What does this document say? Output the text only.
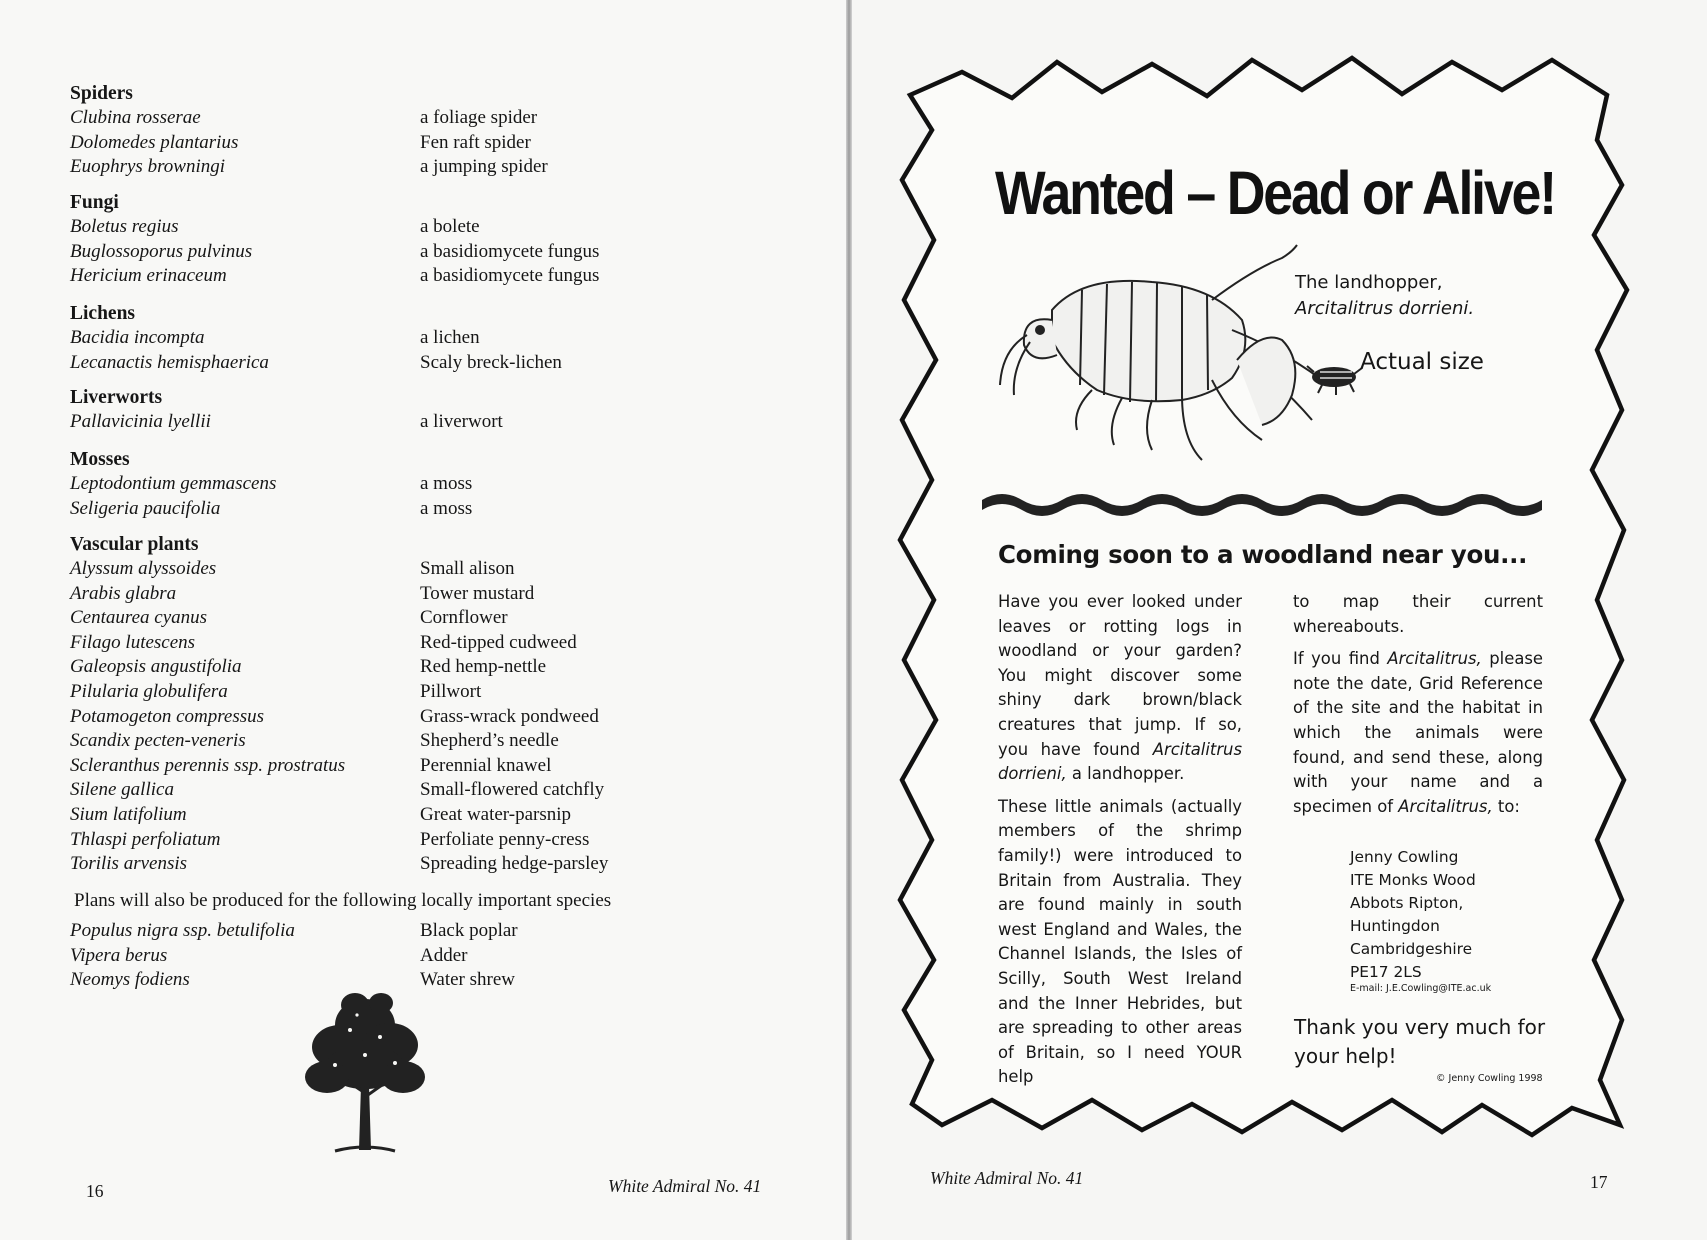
Spiders
Clubina rosserae	a foliage spider
Dolomedes plantarius	Fen raft spider
Euophrys browningi	a jumping spider
Fungi
Boletus regius	a bolete
Buglossoporus pulvinus	a basidiomycete fungus
Hericium erinaceum	a basidiomycete fungus
Lichens
Bacidia incompta	a lichen
Lecanactis hemisphaerica	Scaly breck-lichen
Liverworts
Pallavicinia lyellii	a liverwort
Mosses
Leptodontium gemmascens	a moss
Seligeria paucifolia	a moss
Vascular plants
Alyssum alyssoides	Small alison
Arabis glabra	Tower mustard
Centaurea cyanus	Cornflower
Filago lutescens	Red-tipped cudweed
Galeopsis angustifolia	Red hemp-nettle
Pilularia globulifera	Pillwort
Potamogeton compressus	Grass-wrack pondweed
Scandix pecten-veneris	Shepherd’s needle
Scleranthus perennis ssp. prostratus	Perennial knawel
Silene gallica	Small-flowered catchfly
Sium latifolium	Great water-parsnip
Thlaspi perfoliatum	Perfoliate penny-cress
Torilis arvensis	Spreading hedge-parsley
Plans will also be produced for the following locally important species
Populus nigra ssp. betulifolia	Black poplar
Vipera berus	Adder
Neomys fodiens	Water shrew
16	White Admiral No. 41
Wanted – Dead or Alive!
The landhopper,
Arcitalitrus dorrieni.
Actual size
Coming soon to a woodland near you...

Have you ever looked under leaves or rotting logs in woodland or your garden? You might discover some shiny dark brown/black creatures that jump. If so, you have found Arcitalitrus dorrieni, a landhopper.

These little animals (actually members of the shrimp family!) were introduced to Britain from Australia. They are found mainly in south west England and Wales, the Channel Islands, the Isles of Scilly, South West Ireland and the Inner Hebrides, but are spreading to other areas of Britain, so I need YOUR help

to map their current whereabouts.

If you find Arcitalitrus, please note the date, Grid Reference of the site and the habitat in which the animals were found, and send these, along with your name and a specimen of Arcitalitrus, to:

Jenny Cowling
ITE Monks Wood
Abbots Ripton,
Huntingdon
Cambridgeshire
PE17 2LS
E-mail: J.E.Cowling@ITE.ac.uk
Thank you very much for
your help!
© Jenny Cowling 1998
White Admiral No. 41	17
